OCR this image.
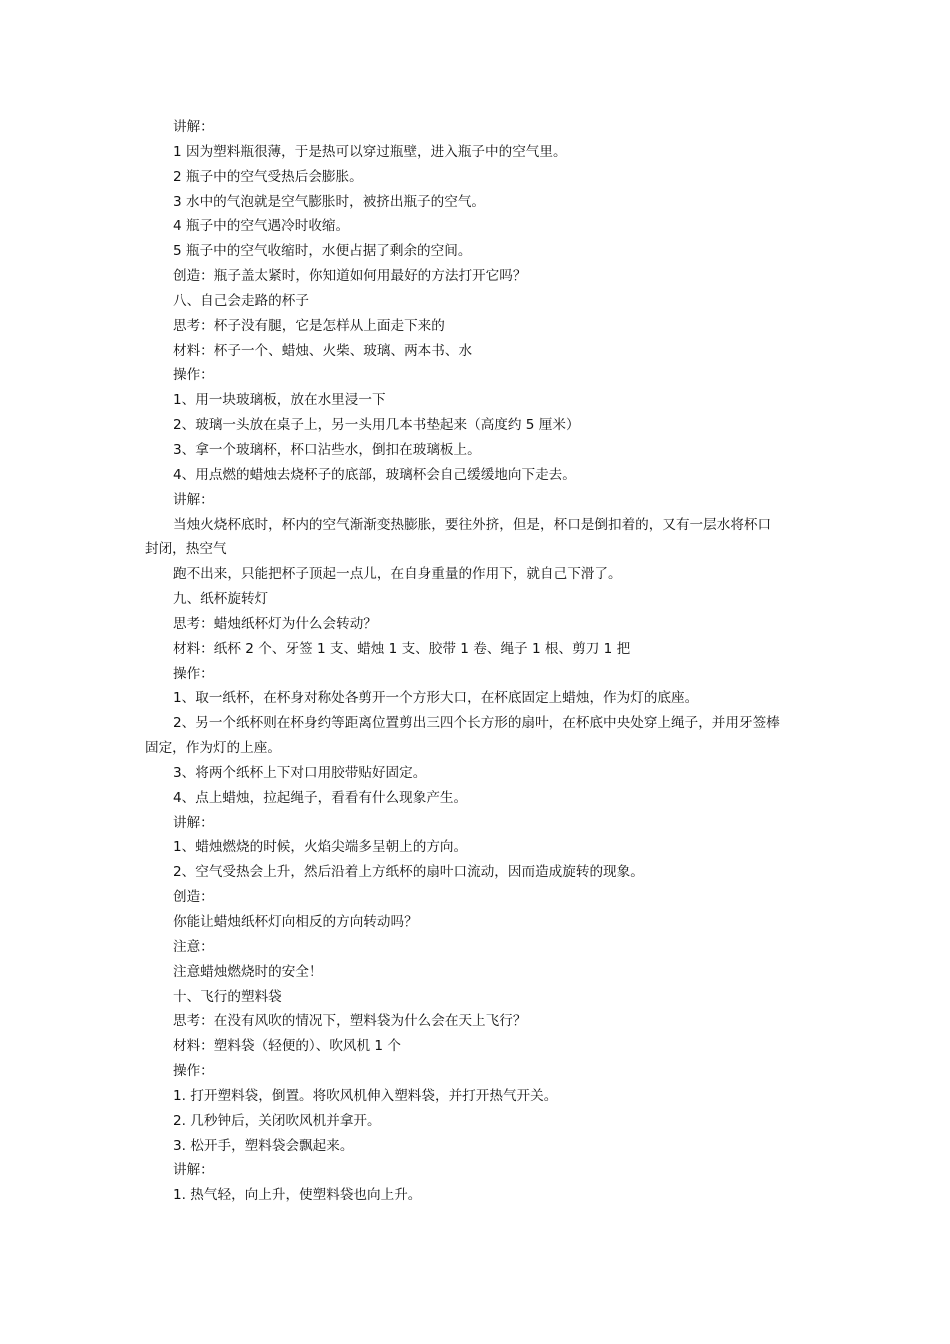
讲解：
1 因为塑料瓶很薄，于是热可以穿过瓶壁，进入瓶子中的空气里。
2 瓶子中的空气受热后会膨胀。
3 水中的气泡就是空气膨胀时，被挤出瓶子的空气。
4 瓶子中的空气遇冷时收缩。
5 瓶子中的空气收缩时，水便占据了剩余的空间。
创造：瓶子盖太紧时，你知道如何用最好的方法打开它吗？
八、自己会走路的杯子
思考：杯子没有腿，它是怎样从上面走下来的
材料：杯子一个、蜡烛、火柴、玻璃、两本书、水
操作：
1、用一块玻璃板，放在水里浸一下
2、玻璃一头放在桌子上，另一头用几本书垫起来（高度约 5 厘米）
3、拿一个玻璃杯，杯口沾些水，倒扣在玻璃板上。
4、用点燃的蜡烛去烧杯子的底部，玻璃杯会自己缓缓地向下走去。
讲解：
当烛火烧杯底时，杯内的空气渐渐变热膨胀，要往外挤，但是，杯口是倒扣着的，又有一层水将杯口
封闭，热空气
跑不出来，只能把杯子顶起一点儿，在自身重量的作用下，就自己下滑了。
九、纸杯旋转灯
思考：蜡烛纸杯灯为什么会转动？
材料：纸杯 2 个、牙签 1 支、蜡烛 1 支、胶带 1 卷、绳子 1 根、剪刀 1 把
操作：
1、取一纸杯，在杯身对称处各剪开一个方形大口，在杯底固定上蜡烛，作为灯的底座。
2、另一个纸杯则在杯身约等距离位置剪出三四个长方形的扇叶，在杯底中央处穿上绳子，并用牙签棒
固定，作为灯的上座。
3、将两个纸杯上下对口用胶带贴好固定。
4、点上蜡烛，拉起绳子，看看有什么现象产生。
讲解：
1、蜡烛燃烧的时候，火焰尖端多呈朝上的方向。
2、空气受热会上升，然后沿着上方纸杯的扇叶口流动，因而造成旋转的现象。
创造：
你能让蜡烛纸杯灯向相反的方向转动吗？
注意：
注意蜡烛燃烧时的安全！
十、飞行的塑料袋
思考：在没有风吹的情况下，塑料袋为什么会在天上飞行？
材料：塑料袋（轻便的）、吹风机 1 个
操作：
1. 打开塑料袋，倒置。将吹风机伸入塑料袋，并打开热气开关。
2. 几秒钟后，关闭吹风机并拿开。
3. 松开手，塑料袋会飘起来。
讲解：
1. 热气轻，向上升，使塑料袋也向上升。
